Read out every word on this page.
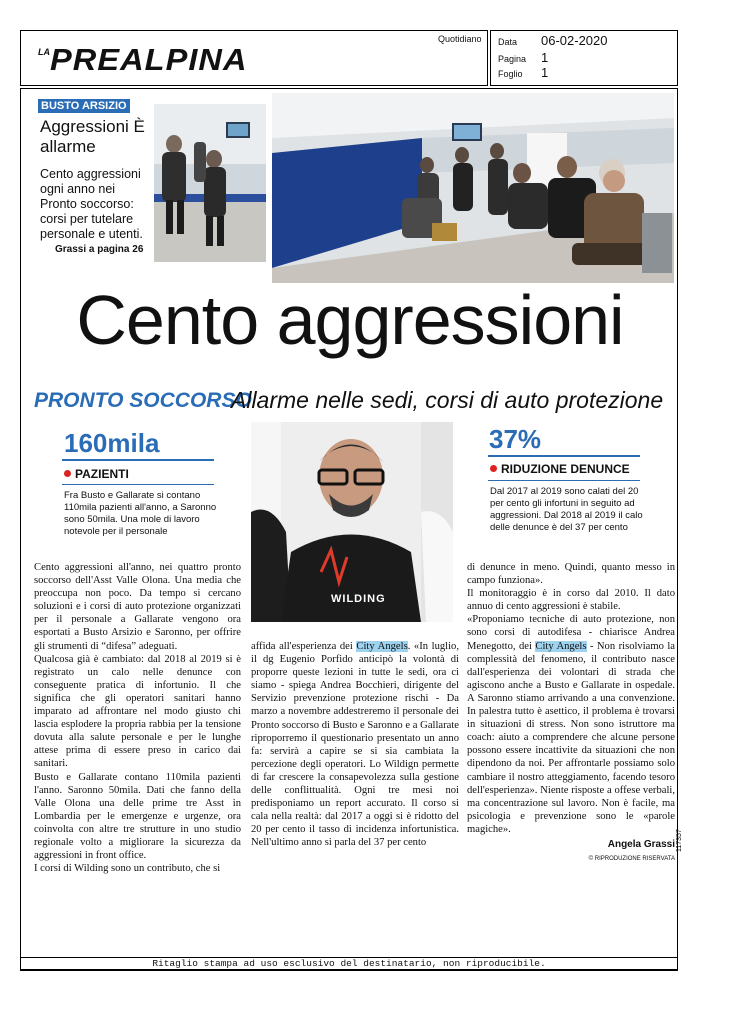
LA PREALPINA
Quotidiano Data 06-02-2020
Pagina 1
Foglio 1
BUSTO ARSIZIO
Aggressioni È allarme
Cento aggressioni ogni anno nei Pronto soccorso: corsi per tutelare personale e utenti.
Grassi a pagina 26
Cento aggressioni
PRONTO SOCCORSO
Allarme nelle sedi, corsi di auto protezione
160mila
PAZIENTI
Fra Busto e Gallarate si contano 110mila pazienti all'anno, a Saronno sono 50mila. Una mole di lavoro notevole per il personale
WILDING
37%
RIDUZIONE DENUNCE
Dal 2017 al 2019 sono calati del 20 per cento gli infortuni in seguito ad aggressioni. Dal 2018 al 2019 il calo delle denunce è del 37 per cento

Cento aggressioni all'anno, nei quattro pronto soccorso dell'Asst Valle Olona. Una media che preoccupa non poco. Da tempo si cercano soluzioni e i corsi di auto protezione organizzati per il personale a Gallarate vengono ora esportati a Busto Arsizio e Saronno, per offrire gli strumenti di “difesa” adeguati.

Qualcosa già è cambiato: dal 2018 al 2019 si è registrato un calo nelle denunce con conseguente pratica di infortunio. Il che significa che gli operatori sanitari hanno imparato ad affrontare nel modo giusto chi lascia esplodere la propria rabbia per la tensione dovuta alla salute personale e per le lunghe attese prima di essere preso in carico dai sanitari.

Busto e Gallarate contano 110mila pazienti l'anno. Saronno 50mila. Dati che fanno della Valle Olona una delle prime tre Asst in Lombardia per le emergenze e urgenze, ora coinvolta con altre tre strutture in uno studio regionale volto a migliorare la sicurezza da aggressioni in front office.

I corsi di Wilding sono un contributo, che si

affida all'esperienza dei City Angels. «In luglio, il dg Eugenio Porfido anticipò la volontà di proporre queste lezioni in tutte le sedi, ora ci siamo - spiega Andrea Bocchieri, dirigente del Servizio prevenzione protezione rischi - Da marzo a novembre addestreremo il personale dei Pronto soccorso di Busto e Saronno e a Gallarate riproporremo il questionario presentato un anno fa: servirà a capire se si sia cambiata la percezione degli operatori. Lo Wildign permette di far crescere la consapevolezza sulla gestione delle conflittualità. Ogni tre mesi noi predisponiamo un report accurato. Il corso si cala nella realtà: dal 2017 a oggi si è ridotto del 20 per cento il tasso di incidenza infortunistica. Nell'ultimo anno si parla del 37 per cento

di denunce in meno. Quindi, quanto messo in campo funziona».

Il monitoraggio è in corso dal 2010. Il dato annuo di cento aggressioni è stabile.

«Proponiamo tecniche di auto protezione, non sono corsi di autodifesa - chiarisce Andrea Menegotto, dei City Angels - Non risolviamo la complessità del fenomeno, il contributo nasce dall'esperienza dei volontari di strada che agiscono anche a Busto e Gallarate in ospedale. A Saronno stiamo arrivando a una convenzione. In palestra tutto è asettico, il problema è trovarsi in situazioni di stress. Non sono istruttore ma coach: aiuto a comprendere che alcune persone possono essere incattivite da situazioni che non dipendono da noi. Per affrontarle possiamo solo cambiare il nostro atteggiamento, facendo tesoro dell'esperienza». Niente risposte a offese verbali, ma concentrazione sul lavoro. Non è facile, ma psicologia e prevenzione sono le «parole magiche».

Angela Grassi
© RIPRODUZIONE RISERVATA
117357
Ritaglio stampa ad uso esclusivo del destinatario, non riproducibile.
